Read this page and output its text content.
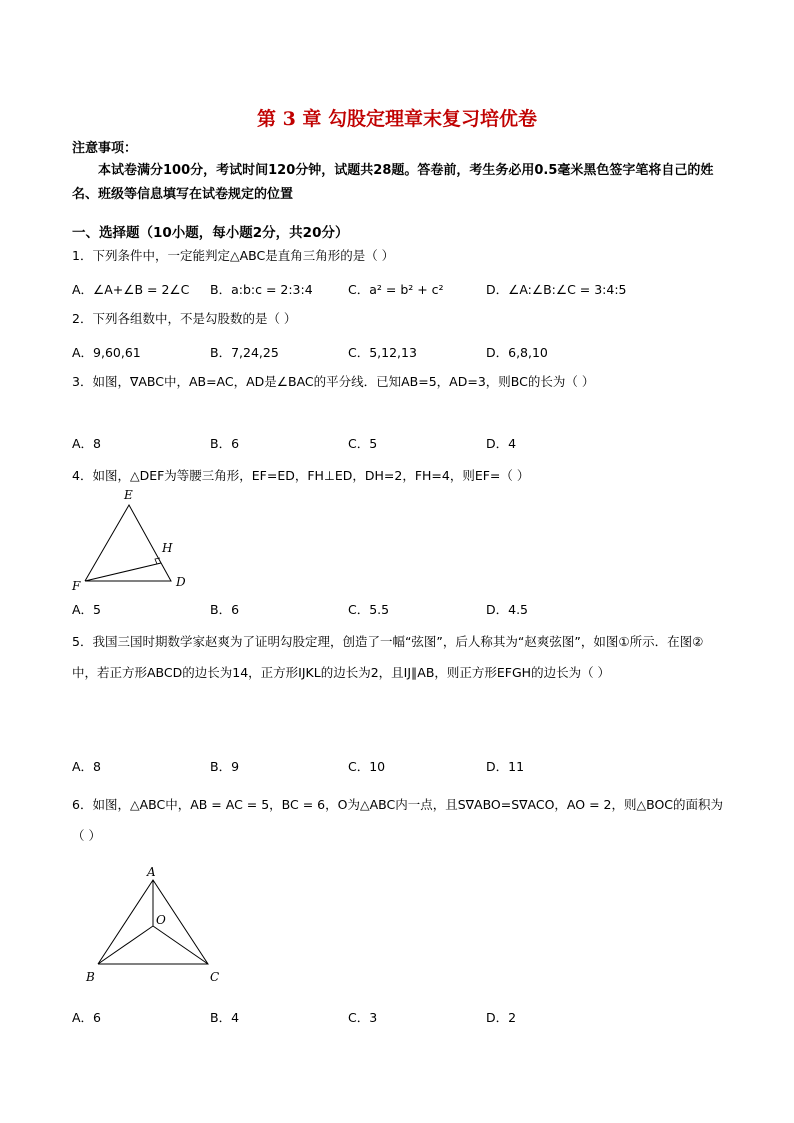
第 3 章 勾股定理章末复习培优卷
注意事项：
本试卷满分100分，考试时间120分钟，试题共28题。答卷前，考生务必用0.5毫米黑色签字笔将自己的姓名、班级等信息填写在试卷规定的位置
一、选择题（10小题，每小题2分，共20分）
1．下列条件中，一定能判定△ABC是直角三角形的是（ ）
A．∠A+∠B = 2∠C B．a:b:c = 2:3:4	C．a² = b² + c²	D．∠A:∠B:∠C = 3:4:5
2．下列各组数中，不是勾股数的是（ ）
A．9,60,61	B．7,24,25	C．5,12,13	D．6,8,10
3．如图，∇ABC中，AB=AC，AD是∠BAC的平分线．已知AB=5，AD=3，则BC的长为（ ）
A．8	B．6	C．5	D．4
4．如图，△DEF为等腰三角形，EF=ED，FH⊥ED，DH=2，FH=4，则EF=（ ）
E
H
F	D
A．5	B．6	C．5.5	D．4.5
5．我国三国时期数学家赵爽为了证明勾股定理，创造了一幅“弦图”，后人称其为“赵爽弦图”，如图①所示．在图②中，若正方形ABCD的边长为14，正方形IJKL的边长为2，且IJ∥AB，则正方形EFGH的边长为（ ）
A．8	B．9	C．10	D．11
6．如图，△ABC中，AB = AC = 5，BC = 6，O为△ABC内一点，且S∇ABO=S∇ACO，AO = 2，则△BOC的面积为（ ）
A
O
B	C
A．6	B．4	C．3	D．2
